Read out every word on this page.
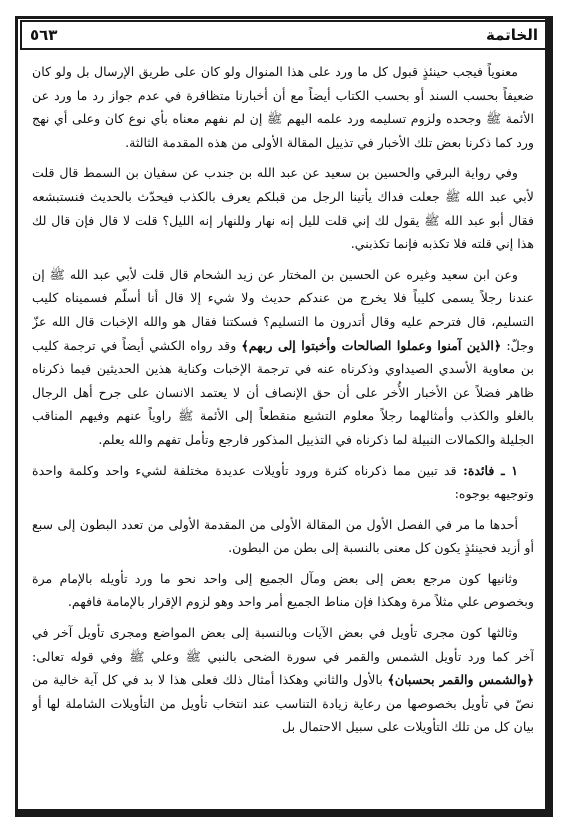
الخاتمة
٥٦٣

معنوياً فيجب حينئذٍ قبول كل ما ورد على هذا المنوال ولو كان على طريق الإرسال بل ولو كان ضعيفاً بحسب السند أو بحسب الكتاب أيضاً مع أن أخبارنا متظافرة في عدم جواز رد ما ورد عن الأئمة ﷺ وجحده ولزوم تسليمه ورد علمه اليهم ﷺ إن لم نفهم معناه بأي نوع كان وعلى أي نهج ورد كما ذكرنا بعض تلك الأخبار في تذييل المقالة الأولى من هذه المقدمة الثالثة.

وفي رواية البرقي والحسين بن سعيد عن عبد الله بن جندب عن سفيان بن السمط قال قلت لأبي عبد الله ﷺ جعلت فداك يأتينا الرجل من قبلكم يعرف بالكذب فيحدّث بالحديث فنستبشعه فقال أبو عبد الله ﷺ يقول لك إني قلت لليل إنه نهار وللنهار إنه الليل؟ قلت لا قال فإن قال لك هذا إني قلته فلا تكذبه فإنما تكذبني.

وعن ابن سعيد وغيره عن الحسين بن المختار عن زيد الشحام قال قلت لأبي عبد الله ﷺ إن عندنا رجلاً يسمى كليباً فلا يخرج من عندكم حديث ولا شيء إلا قال أنا أسلّم فسميناه كليب التسليم، قال فترحم عليه وقال أتدرون ما التسليم؟ فسكتنا فقال هو والله الإخبات قال الله عزّ وجلّ: ﴿الذين آمنوا وعملوا الصالحات وأخبتوا إلى ربهم﴾ وقد رواه الكشي أيضاً في ترجمة كليب بن معاوية الأسدي الصيداوي وذكرناه عنه في ترجمة الإخبات وكناية هذين الحديثين فيما ذكرناه ظاهر فضلاً عن الأخبار الأُخر على أن حق الإنصاف أن لا يعتمد الانسان على جرح أهل الرجال بالغلو والكذب وأمثالهما رجلاً معلوم التشيع منقطعاً إلى الأئمة ﷺ راوياً عنهم وفيهم المناقب الجليلة والكمالات النبيلة لما ذكرناه في التذييل المذكور فارجع وتأمل تفهم والله يعلم.

١ ـ فائدة: قد تبين مما ذكرناه كثرة ورود تأويلات عديدة مختلفة لشيء واحد وكلمة واحدة وتوجيهه بوجوه:

أحدها ما مر في الفصل الأول من المقالة الأولى من المقدمة الأولى من تعدد البطون إلى سبع أو أزيد فحينئذٍ يكون كل معنى بالنسبة إلى بطن من البطون.

وثانيها كون مرجع بعض إلى بعض ومآل الجميع إلى واحد نحو ما ورد تأويله بالإمام مرة وبخصوص علي مثلاً مرة وهكذا فإن مناط الجميع أمر واحد وهو لزوم الإقرار بالإمامة فافهم.

وثالثها كون مجرى تأويل في بعض الآيات وبالنسبة إلى بعض المواضع ومجرى تأويل آخر في آخر كما ورد تأويل الشمس والقمر في سورة الضحى بالنبي ﷺ وعلي ﷺ وفي قوله تعالى: ﴿والشمس والقمر بحسبان﴾ بالأول والثاني وهكذا أمثال ذلك فعلى هذا لا بد في كل آية خالية من نصّ في تأويل بخصوصها من رعاية زيادة التناسب عند انتخاب تأويل من التأويلات الشاملة لها أو بيان كل من تلك التأويلات على سبيل الاحتمال بل
